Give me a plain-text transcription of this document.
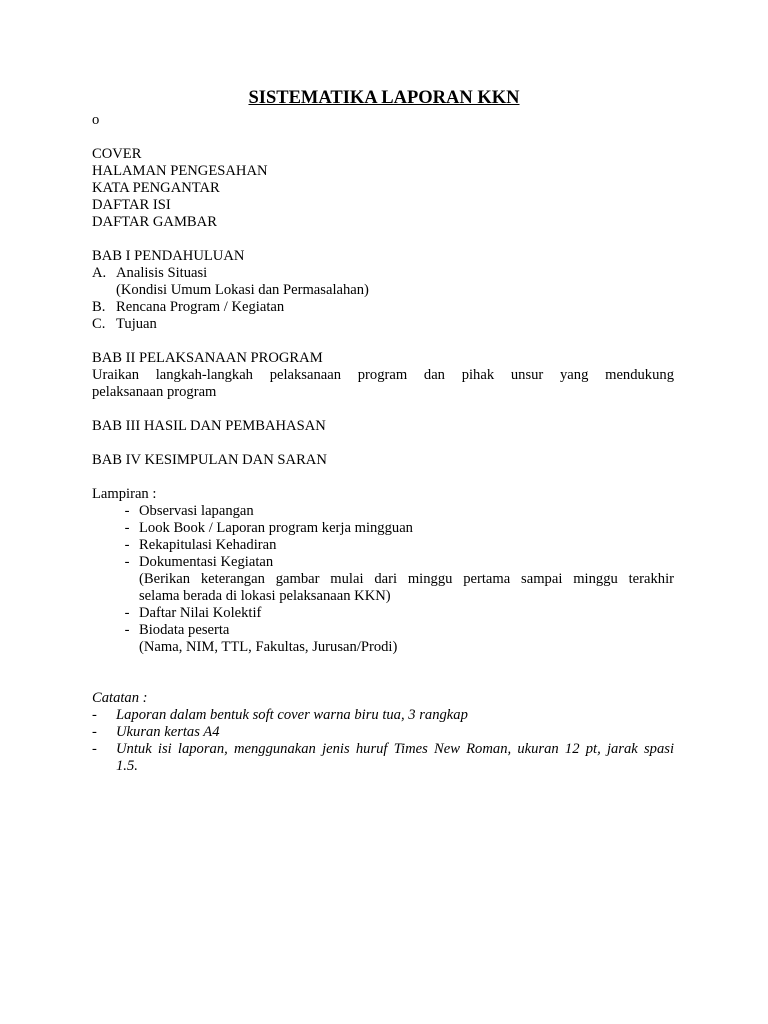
SISTEMATIKA LAPORAN KKN
o
COVER
HALAMAN PENGESAHAN
KATA PENGANTAR
DAFTAR ISI
DAFTAR GAMBAR
BAB I PENDAHULUAN
A. Analisis Situasi
(Kondisi Umum Lokasi dan Permasalahan)
B. Rencana Program / Kegiatan
C. Tujuan
BAB II PELAKSANAAN PROGRAM
Uraikan langkah-langkah pelaksanaan program dan pihak unsur yang mendukung
pelaksanaan program
BAB III HASIL DAN PEMBAHASAN
BAB IV KESIMPULAN DAN SARAN
Lampiran :
- Observasi lapangan
- Look Book / Laporan program kerja mingguan
- Rekapitulasi Kehadiran
- Dokumentasi Kegiatan
(Berikan keterangan gambar mulai dari minggu pertama sampai minggu terakhir
selama berada di lokasi pelaksanaan KKN)
- Daftar Nilai Kolektif
- Biodata peserta
(Nama, NIM, TTL, Fakultas, Jurusan/Prodi)
Catatan :
-	Laporan dalam bentuk soft cover warna biru tua, 3 rangkap
-	Ukuran kertas A4
-	Untuk isi laporan, menggunakan jenis huruf Times New Roman, ukuran 12 pt, jarak spasi
1.5.
